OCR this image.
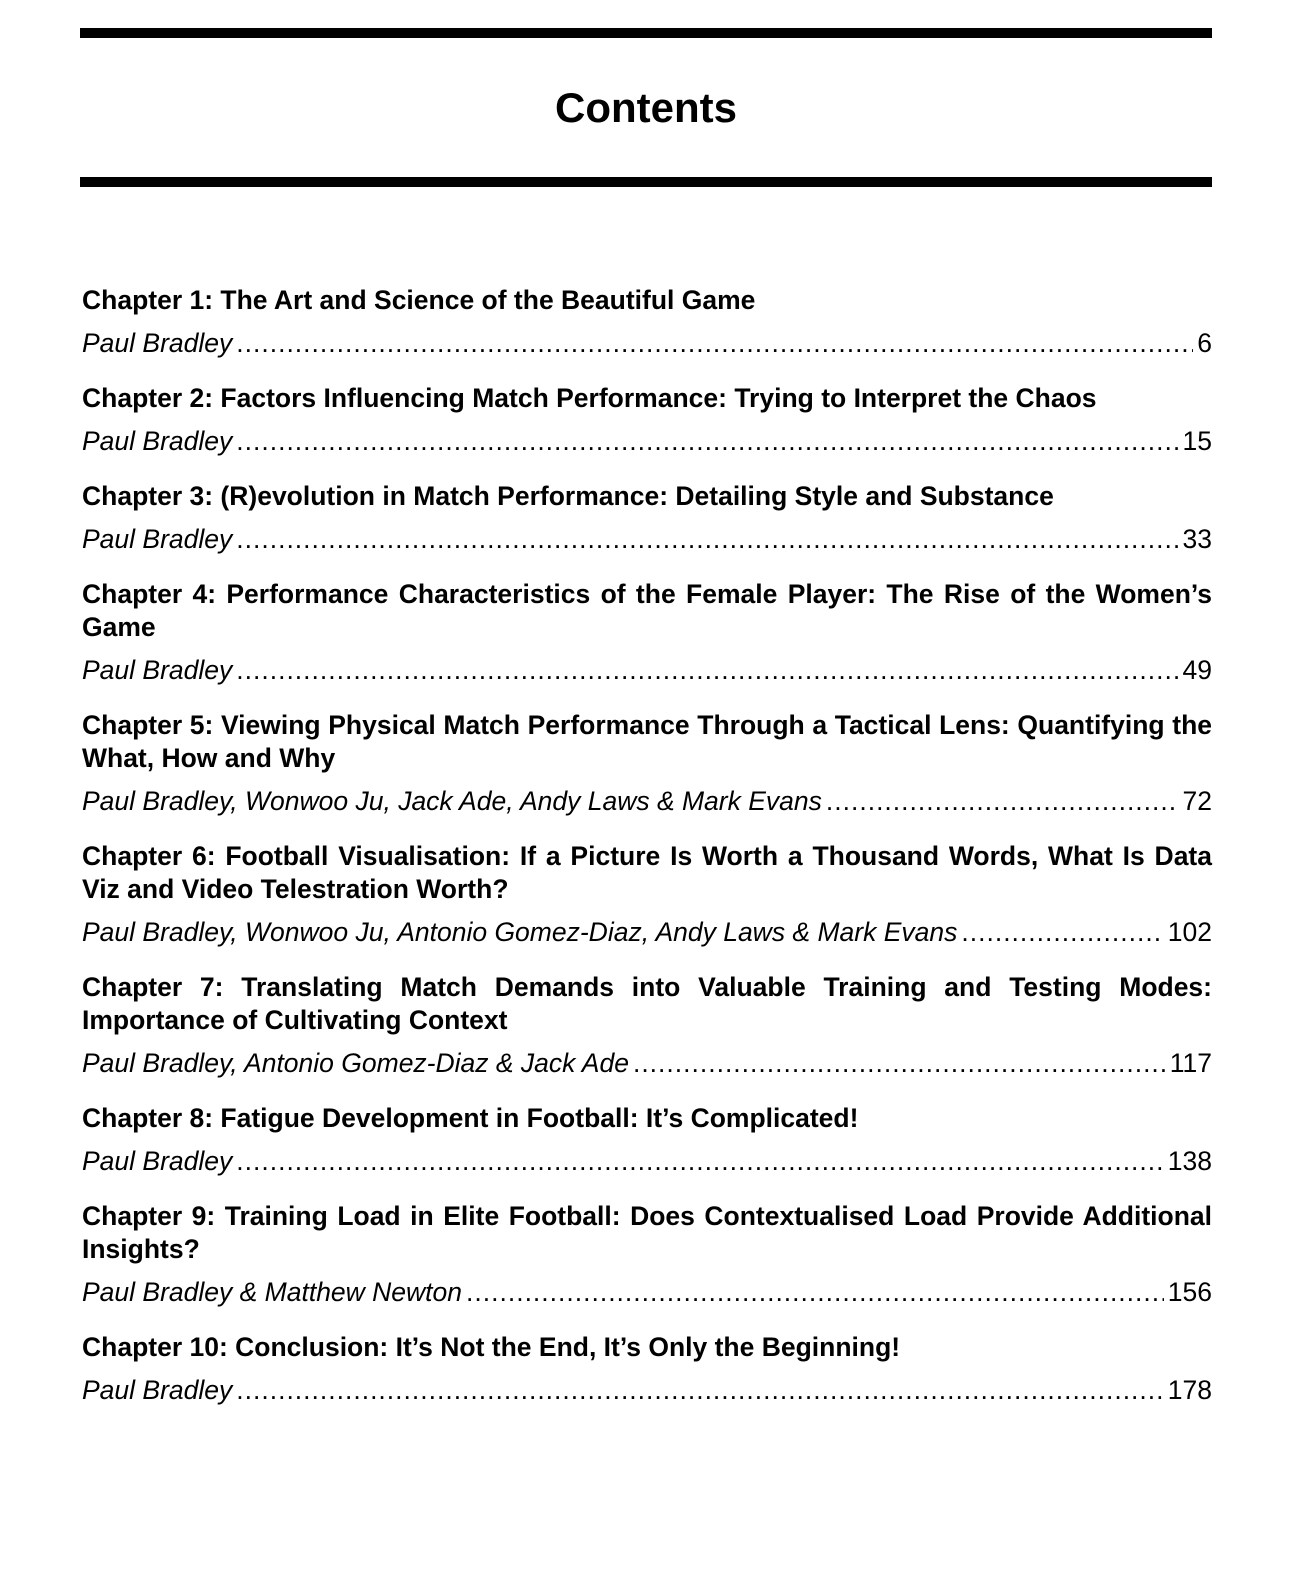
Contents
Chapter 1: The Art and Science of the Beautiful Game
Paul Bradley .....	6
Chapter 2: Factors Influencing Match Performance: Trying to Interpret the Chaos
Paul Bradley .....	15
Chapter 3: (R)evolution in Match Performance: Detailing Style and Substance
Paul Bradley .....	33
Chapter 4: Performance Characteristics of the Female Player: The Rise of the Women’s Game
Paul Bradley .....	49
Chapter 5: Viewing Physical Match Performance Through a Tactical Lens: Quantifying the What, How and Why
Paul Bradley, Wonwoo Ju, Jack Ade, Andy Laws & Mark Evans .....	72
Chapter 6: Football Visualisation: If a Picture Is Worth a Thousand Words, What Is Data Viz and Video Telestration Worth?
Paul Bradley, Wonwoo Ju, Antonio Gomez-Diaz, Andy Laws & Mark Evans .....	102
Chapter 7: Translating Match Demands into Valuable Training and Testing Modes: Importance of Cultivating Context
Paul Bradley, Antonio Gomez-Diaz & Jack Ade .....	117
Chapter 8: Fatigue Development in Football: It’s Complicated!
Paul Bradley .....	138
Chapter 9: Training Load in Elite Football: Does Contextualised Load Provide Additional Insights?
Paul Bradley & Matthew Newton .....	156
Chapter 10: Conclusion: It’s Not the End, It’s Only the Beginning!
Paul Bradley .....	178
